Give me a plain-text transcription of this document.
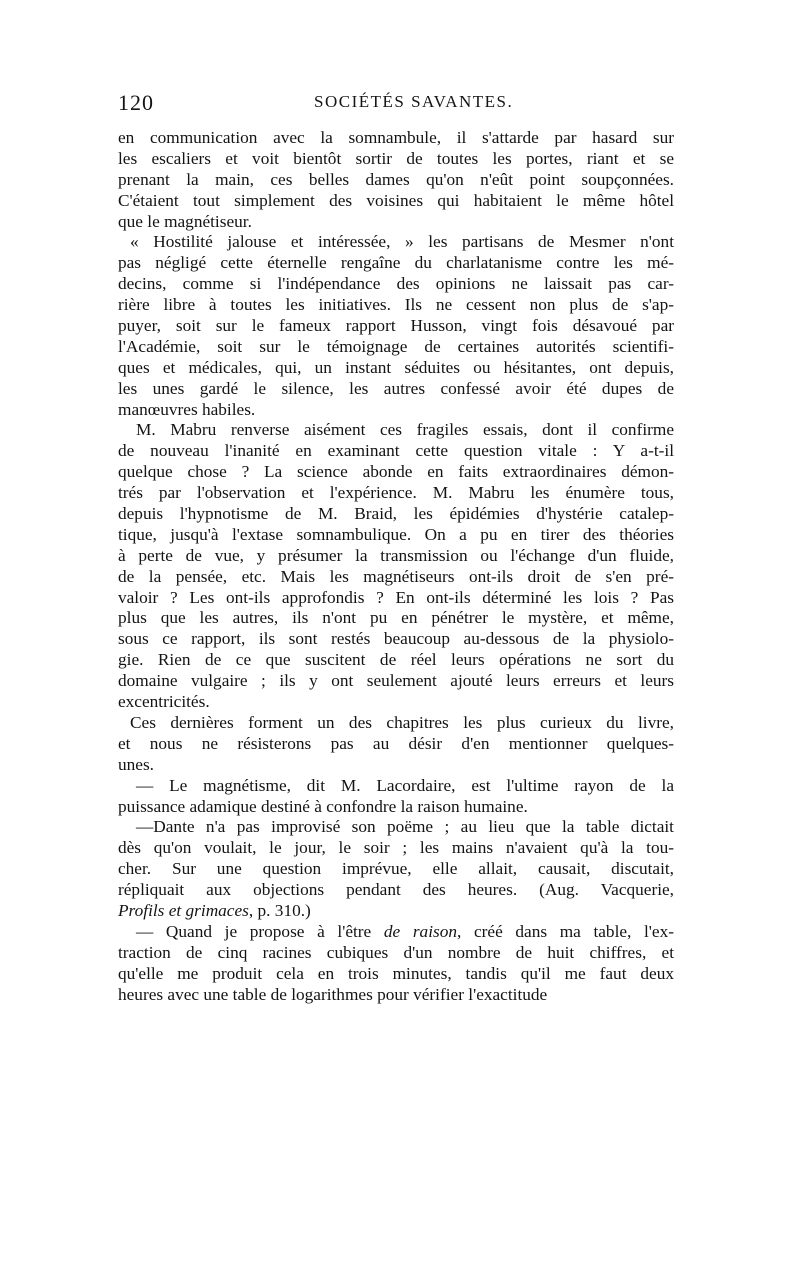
120	SOCIÉTÉS SAVANTES.
en communication avec la somnambule, il s'attarde par hasard sur
les escaliers et voit bientôt sortir de toutes les portes, riant et se
prenant la main, ces belles dames qu'on n'eût point soupçonnées.
C'étaient tout simplement des voisines qui habitaient le même hôtel
que le magnétiseur.
« Hostilité jalouse et intéressée, » les partisans de Mesmer n'ont
pas négligé cette éternelle rengaîne du charlatanisme contre les mé-
decins, comme si l'indépendance des opinions ne laissait pas car-
rière libre à toutes les initiatives. Ils ne cessent non plus de s'ap-
puyer, soit sur le fameux rapport Husson, vingt fois désavoué par
l'Académie, soit sur le témoignage de certaines autorités scientifi-
ques et médicales, qui, un instant séduites ou hésitantes, ont depuis,
les unes gardé le silence, les autres confessé avoir été dupes de
manœuvres habiles.
M. Mabru renverse aisément ces fragiles essais, dont il confirme
de nouveau l'inanité en examinant cette question vitale : Y a-t-il
quelque chose ? La science abonde en faits extraordinaires démon-
trés par l'observation et l'expérience. M. Mabru les énumère tous,
depuis l'hypnotisme de M. Braid, les épidémies d'hystérie catalep-
tique, jusqu'à l'extase somnambulique. On a pu en tirer des théories
à perte de vue, y présumer la transmission ou l'échange d'un fluide,
de la pensée, etc. Mais les magnétiseurs ont-ils droit de s'en pré-
valoir ? Les ont-ils approfondis ? En ont-ils déterminé les lois ? Pas
plus que les autres, ils n'ont pu en pénétrer le mystère, et même,
sous ce rapport, ils sont restés beaucoup au-dessous de la physiolo-
gie. Rien de ce que suscitent de réel leurs opérations ne sort du
domaine vulgaire ; ils y ont seulement ajouté leurs erreurs et leurs
excentricités.
Ces dernières forment un des chapitres les plus curieux du livre,
et nous ne résisterons pas au désir d'en mentionner quelques-
unes.
— Le magnétisme, dit M. Lacordaire, est l'ultime rayon de la
puissance adamique destiné à confondre la raison humaine.
—Dante n'a pas improvisé son poëme ; au lieu que la table dictait
dès qu'on voulait, le jour, le soir ; les mains n'avaient qu'à la tou-
cher. Sur une question imprévue, elle allait, causait, discutait,
répliquait aux objections pendant des heures. (Aug. Vacquerie,
Profils et grimaces, p. 310.)
— Quand je propose à l'être de raison, créé dans ma table, l'ex-
traction de cinq racines cubiques d'un nombre de huit chiffres, et
qu'elle me produit cela en trois minutes, tandis qu'il me faut deux
heures avec une table de logarithmes pour vérifier l'exactitude
